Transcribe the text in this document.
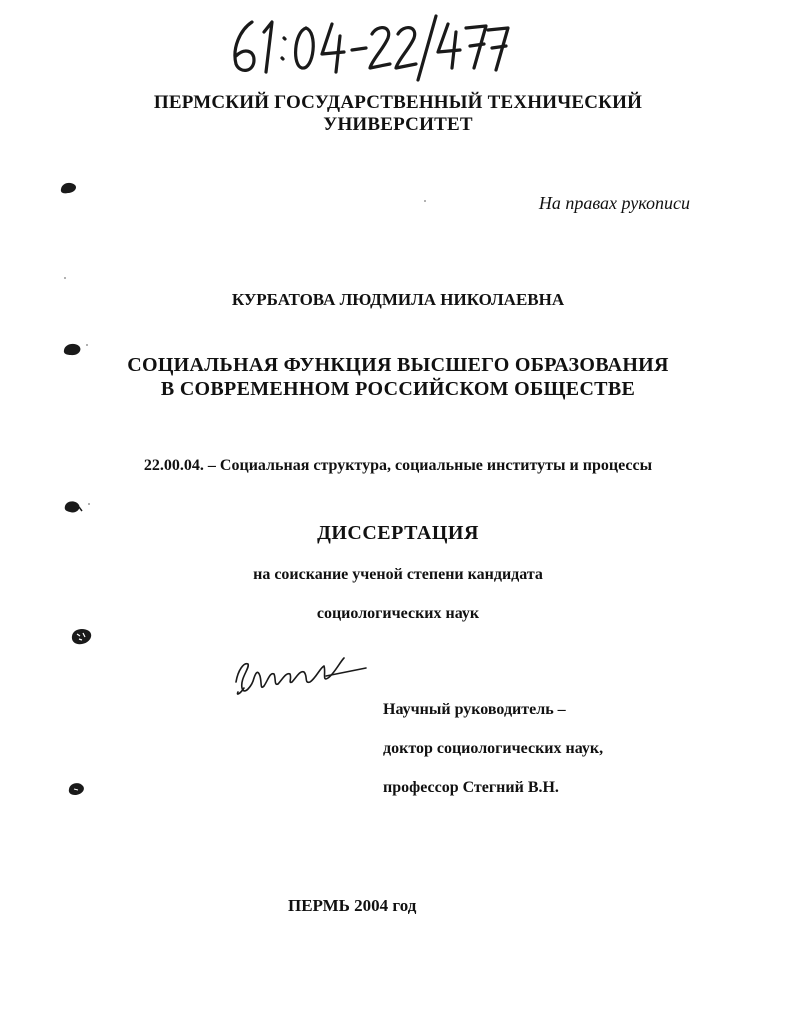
ПЕРМСКИЙ ГОСУДАРСТВЕННЫЙ ТЕХНИЧЕСКИЙ
УНИВЕРСИТЕТ
На правах рукописи
КУРБАТОВА ЛЮДМИЛА НИКОЛАЕВНА
СОЦИАЛЬНАЯ ФУНКЦИЯ ВЫСШЕГО ОБРАЗОВАНИЯ
В СОВРЕМЕННОМ РОССИЙСКОМ ОБЩЕСТВЕ
22.00.04. – Социальная структура, социальные институты и процессы
ДИССЕРТАЦИЯ
на соискание ученой степени кандидата
социологических наук
Научный руководитель –
доктор социологических наук,
профессор Стегний В.Н.
ПЕРМЬ 2004 год
